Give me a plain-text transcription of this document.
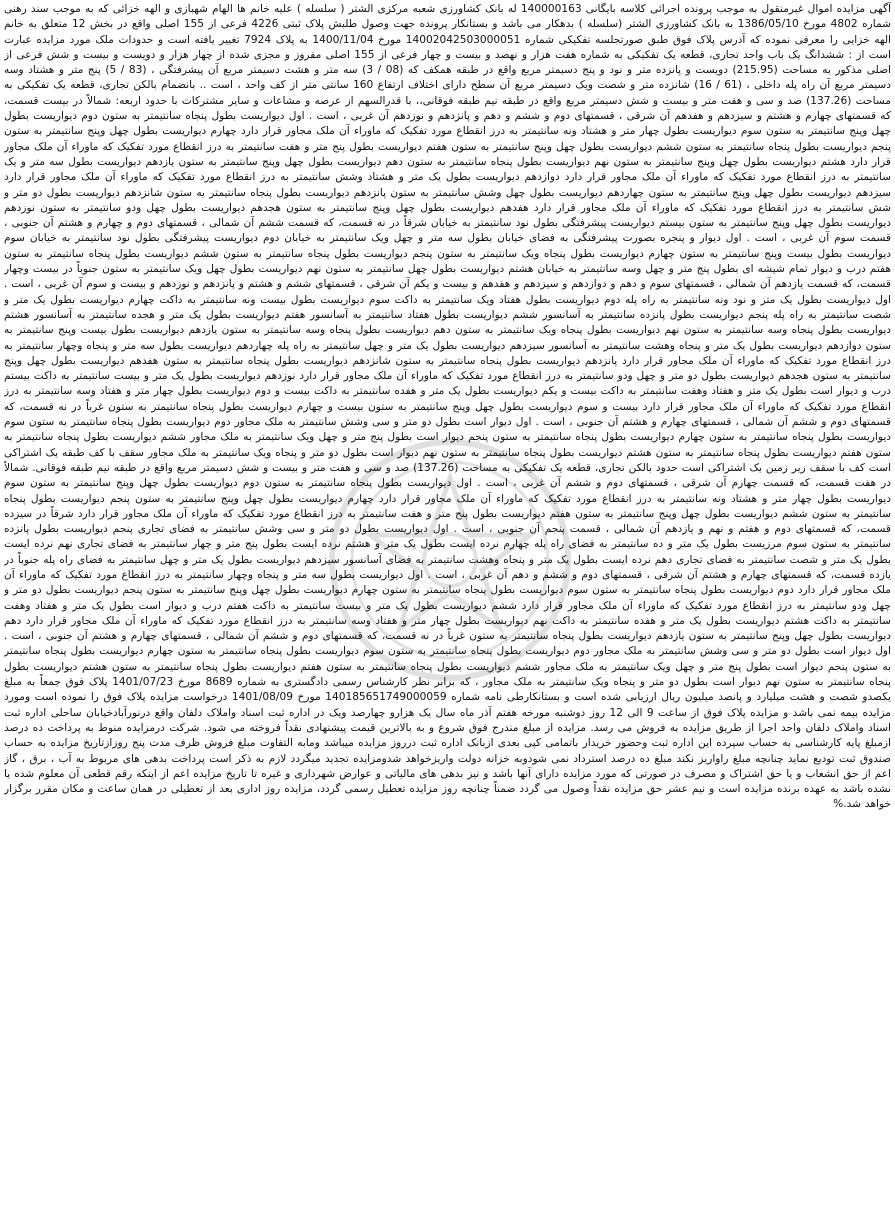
آگهی مزایده اموال غیرمنقول به موجب پرونده اجرائی کلاسه بایگانی 140000163 له بانک کشاورزی شعبه مرکزی الشتر ( سلسله ) علیه خانم ها الهام شهبازی و الهه خزائی که به موجب سند رهنی شماره 4802 مورخ 1386/05/10 به بانک کشاورزی الشتر (سلسله ) بدهکار می باشد و بستانکار پرونده جهت وصول طلبش پلاک ثبتی 4226 فرعی از 155 اصلی واقع در بخش 12 متعلق به خانم الهه خزایی را معرفی نموده که آدرس پلاک فوق طبق صورتجلسه تفکیکی شماره 14002042503000051 مورخ 1400/11/04 به پلاک 7924 تغییر یافته است و حدودات ملک مورد مزایده عبارت است از : ششدانگ یک باب واحد تجاری، قطعه یک تفکیکی به شماره هفت هزار و نهصد و بیست و چهار فرعی از 155 اصلی مفروز و مجزی شده از چهار هزار و دویست و بیست و شش فرعی از اصلی مذکور به مساحت (215.95) دویست و پانزده متر و نود و پنج دسیمتر مربع واقع در طبقه همکف که (08 / 3) سه متر و هشت دسیمتر مربع آن پیشرفتگی ، (83 / 5) پنج متر و هشتاد وسه دسیمتر مربع آن راه پله داخلی ، (61 / 16) شانزده متر و شصت ویک دسیمتر مربع آن سطح دارای اختلاف ارتفاع 160 سانتی متر از کف واحد ، است .. بانضمام بالکن تجاری، قطعه یک تفکیکی به مساحت (137.26) صد و سی و هفت متر و بیست و شش دسیمتر مربع واقع در طبقه نیم طبقه فوقانی،، با قدرالسهم از عرصه و مشاعات و سایر مشترکات با حدود اربعه: شمالاً در بیست قسمت، که قسمتهای چهارم و هشتم و سیزدهم و هفدهم آن شرقی ، قسمتهای دوم و ششم و دهم و پانزدهم و نوزدهم آن غربی ، است . اول دیواریست بطول پنجاه سانتیمتر به ستون دوم دیواریست بطول چهل وپنج سانتیمتر به ستون سوم دیواریست بطول چهار متر و هشتاد ونه سانتیمتر به درز انقطاع مورد تفکیک که ماوراء آن ملک مجاور قرار دارد چهارم دیواریست بطول چهل وپنج سانتیمتر به ستون پنجم دیواریست بطول پنجاه سانتیمتر به ستون ششم دیواریست بطول چهل وپنج سانتیمتر به ستون هفتم دیواریست بطول پنج متر و هفت سانتیمتر به درز انقطاع مورد تفکیک که ماوراء آن ملک مجاور قرار دارد هشتم دیواریست بطول چهل وپنج سانتیمتر به ستون نهم دیواریست بطول پنجاه سانتیمتر به ستون دهم دیواریست بطول چهل وپنج سانتیمتر به ستون یازدهم دیواریست بطول سه متر و یک سانتیمتر به درز انقطاع مورد تفکیک که ماوراء آن ملک مجاور قرار دارد دوازدهم دیواریست بطول یک متر و هشتاد وشش سانتیمتر به درز انقطاع مورد تفکیک که ماوراء آن ملک مجاور قرار دارد سیزدهم دیواریست بطول چهل وپنج سانتیمتر به ستون چهاردهم دیواریست بطول چهل وشش سانتیمتر به ستون پانزدهم دیواریست بطول پنجاه سانتیمتر به ستون شانزدهم دیواریست بطول دو متر و شش سانتیمتر به درز انقطاع مورد تفکیک که ماوراء آن ملک مجاور قرار دارد هفدهم دیواریست بطول چهل وپنج سانتیمتر به ستون هجدهم دیواریست بطول چهل ودو سانتیمتر به ستون نوزدهم دیواریست بطول چهل وپنج سانتیمتر به ستون بیستم دیواریست پیشرفتگی بطول نود سانتیمتر به خیابان شرقاً در نه قسمت، که قسمت ششم آن شمالی ، قسمتهای دوم و چهارم و هشتم آن جنوبی ، قسمت سوم آن غربی ، است . اول دیوار و پنجره بصورت پیشرفتگی به فضای خیابان بطول سه متر و چهل ویک سانتیمتر به خیابان دوم دیواریست پیشرفتگی بطول نود سانتیمتر به خیابان سوم دیواریست بطول بیست وپنج سانتیمتر به ستون چهارم دیواریست بطول پنجاه ویک سانتیمتر به ستون پنجم دیواریست بطول پنجاه سانتیمتر به ستون ششم دیواریست بطول پنجاه سانتیمتر به ستون هفتم درب و دیوار تمام شیشه ای بطول پنج متر و چهل وسه سانتیمتر به خیابان هشتم دیواریست بطول چهل سانتیمتر به ستون نهم دیواریست بطول چهل ویک سانتیمتر به ستون جنوباً در بیست وچهار قسمت، که قسمت یازدهم آن شمالی ، قسمتهای سوم و دهم و دوازدهم و سیزدهم و هفدهم و بیست و یکم آن شرقی ، قسمتهای ششم و هشتم و پانزدهم و نوزدهم و بیست و سوم آن غربی ، است . اول دیواریست بطول یک متر و نود ونه سانتیمتر به راه پله دوم دیواریست بطول هفتاد ویک سانتیمتر به داکت سوم دیواریست بطول بیست ونه سانتیمتر به داکت چهارم دیواریست بطول یک متر و شصت سانتیمتر به راه پله پنجم دیواریست بطول پانزده سانتیمتر به آسانسور ششم دیواریست بطول هفتاد سانتیمتر به آسانسور هفتم دیواریست بطول یک متر و هجده سانتیمتر به آسانسور هشتم دیواریست بطول پنجاه وسه سانتیمتر به ستون نهم دیواریست بطول پنجاه ویک سانتیمتر به ستون دهم دیواریست بطول پنجاه وسه سانتیمتر به ستون یازدهم دیواریست بطول بیست وپنج سانتیمتر به ستون دوازدهم دیواریست بطول یک متر و پنجاه وهشت سانتیمتر به آسانسور سیزدهم دیواریست بطول یک متر و چهل سانتیمتر به راه پله چهاردهم دیواریست بطول سه متر و پنجاه وچهار سانتیمتر به درز انقطاع مورد تفکیک که ماوراء آن ملک مجاور قرار دارد پانزدهم دیواریست بطول پنجاه سانتیمتر به ستون شانزدهم دیواریست بطول پنجاه سانتیمتر به ستون هفدهم دیواریست بطول چهل وپنج سانتیمتر به ستون هجدهم دیواریست بطول دو متر و چهل ودو سانتیمتر به درز انقطاع مورد تفکیک که ماوراء آن ملک مجاور قرار دارد نوزدهم دیواریست بطول یک متر و بیست سانتیمتر به داکت بیستم درب و دیوار است بطول یک متر و هفتاد وهفت سانتیمتر به داکت بیست و یکم دیواریست بطول یک متر و هفده سانتیمتر به داکت بیست و دوم دیواریست بطول چهار متر و هفتاد وسه سانتیمتر به درز انقطاع مورد تفکیک که ماوراء آن ملک مجاور قرار دارد بیست و سوم دیواریست بطول چهل وپنج سانتیمتر به ستون بیست و چهارم دیواریست بطول پنجاه سانتیمتر به ستون غرباً در نه قسمت، که قسمتهای دوم و ششم آن شمالی ، قسمتهای چهارم و هشتم آن جنوبی ، است . اول دیوار است بطول دو متر و سی وشش سانتیمتر به ملک مجاور دوم دیواریست بطول پنجاه سانتیمتر به ستون سوم دیواریست بطول پنجاه سانتیمتر به ستون چهارم دیواریست بطول پنجاه سانتیمتر به ستون پنجم دیوار است بطول پنج متر و چهل ویک سانتیمتر به ملک مجاور ششم دیواریست بطول پنجاه سانتیمتر به ستون هفتم دیواریست بطول پنجاه سانتیمتر به ستون هشتم دیواریست بطول پنجاه سانتیمتر به ستون نهم دیوار است بطول دو متر و پنجاه ویک سانتیمتر به ملک مجاور سقف با کف طبقه یک اشتراکی است کف با سقف زیر زمین یک اشتراکی است حدود بالکن تجاری، قطعه یک تفکیکی به مساحت (137.26) صد و سی و هفت متر و بیست و شش دسیمتر مربع واقع در طبقه نیم طبقه فوقانی. شمالاً در هفت قسمت، که قسمت چهارم آن شرقی ، قسمتهای دوم و ششم آن غربی ، است . اول دیواریست بطول پنجاه سانتیمتر به ستون دوم دیواریست بطول چهل وپنج سانتیمتر به ستون سوم دیواریست بطول چهار متر و هشتاد ونه سانتیمتر به درز انقطاع مورد تفکیک که ماوراء آن ملک مجاور قرار دارد چهارم دیواریست بطول چهل وپنج سانتیمتر به ستون پنجم دیواریست بطول پنجاه سانتیمتر به ستون ششم دیواریست بطول چهل وپنج سانتیمتر به ستون هفتم دیواریست بطول پنج متر و هفت سانتیمتر به درز انقطاع مورد تفکیک که ماوراء آن ملک مجاور قرار دارد شرقاً در سیزده قسمت، که قسمتهای دوم و هفتم و نهم و یازدهم آن شمالی ، قسمت پنجم آن جنوبی ، است . اول دیواریست بطول دو متر و سی وشش سانتیمتر به فضای تجاری پنجم دیواریست بطول پانزده سانتیمتر به ستون سوم مرزیست بطول یک متر و ده سانتیمتر به فضای راه پله چهارم نرده ایست بطول یک متر و هشتم نرده ایست بطول پنج متر و چهار سانتیمتر به فضای تجاری نهم نرده ایست بطول یک متر و شصت سانتیمتر به فضای تجاری دهم نرده ایست بطول یک متر و پنجاه وهشت سانتیمتر به فضای آسانسور سیزدهم دیواریست بطول یک متر و چهل سانتیمتر به فضای راه پله جنوباً در یازده قسمت، که قسمتهای چهارم و هشتم آن شرقی ، قسمتهای دوم و ششم و دهم آن غربی ، است . اول دیواریست بطول سه متر و پنجاه وچهار سانتیمتر به درز انقطاع مورد تفکیک که ماوراء آن ملک مجاور قرار دارد دوم دیواریست بطول پنجاه سانتیمتر به ستون سوم دیواریست بطول پنجاه سانتیمتر به ستون چهارم دیواریست بطول چهل وپنج سانتیمتر به ستون پنجم دیواریست بطول دو متر و چهل ودو سانتیمتر به درز انقطاع مورد تفکیک که ماوراء آن ملک مجاور قرار دارد ششم دیواریست بطول یک متر و بیست سانتیمتر به داکت هفتم درب و دیوار است بطول یک متر و هفتاد وهفت سانتیمتر به داکت هشتم دیواریست بطول یک متر و هفده سانتیمتر به داکت نهم دیواریست بطول چهار متر و هفتاد وسه سانتیمتر به درز انقطاع مورد تفکیک که ماوراء آن ملک مجاور قرار دارد دهم دیواریست بطول چهل وپنج سانتیمتر به ستون یازدهم دیواریست بطول پنجاه سانتیمتر به ستون غرباً در نه قسمت، که قسمتهای دوم و ششم آن شمالی ، قسمتهای چهارم و هشتم آن جنوبی ، است . اول دیوار است بطول دو متر و سی وشش سانتیمتر به ملک مجاور دوم دیواریست بطول پنجاه سانتیمتر به ستون سوم دیواریست بطول پنجاه سانتیمتر به ستون چهارم دیواریست بطول پنجاه سانتیمتر به ستون پنجم دیوار است بطول پنج متر و چهل ویک سانتیمتر به ملک مجاور ششم دیواریست بطول پنجاه سانتیمتر به ستون هفتم دیواریست بطول پنجاه سانتیمتر به ستون هشتم دیواریست بطول پنجاه سانتیمتر به ستون نهم دیوار است بطول دو متر و پنجاه ویک سانتیمتر به ملک مجاور ، که برابر نظر کارشناس رسمی دادگستری به شماره 8689 مورخ 1401/07/23 پلاک فوق جمعاً به مبلغ یکصدو شصت و هشت میلیارد و پانصد میلیون ریال ارزیابی شده است و بستانکارطی نامه شماره 140185651749000059 مورخ 1401/08/09 درخواست مزایده پلاک فوق را نموده است ومورد مزایده بیمه نمی باشد و مزایده پلاک فوق از ساعت 9 الی 12 روز دوشنبه مورخه هفتم آذر ماه سال یک هزارو چهارصد ویک در اداره ثبت اسناد واملاک دلفان واقع درنورآبادخیابان ساحلی اداره ثبت اسناد واملاک دلفان واحد اجرا از طریق مزایده به فروش می رسد. مزایده از مبلغ مندرج فوق شروع و به بالاترین قیمت پیشنهادی نقداً فروخته می شود. شرکت درمزایده منوط به پرداخت ده درصد ازمبلغ پایه کارشناسی به حساب سپرده این اداره ثبت وحضور خریدار باتمامی کپی بعدی ازبانک اداره ثبت درروز مزایده میباشد ومابه التفاوت مبلغ فروش ظرف مدت پنج روزازتاریخ مزایده به حساب صندوق ثبت تودیع نماید چنانچه مبلغ راواریز نکند مبلغ ده درصد استرداد نمی شودوبه خزانه دولت واریزخواهد شدومزایده تجدید میگردد لازم به ذکر است پرداخت بدهی های مربوط به آب ، برق ، گاز اعم از حق انشعاب و یا حق اشتراک و مصرف در صورتی که مورد مزایده دارای آنها باشد و نیز بدهی های مالیاتی و عوارض شهرداری و غیره تا تاریخ مزایده اعم از اینکه رقم قطعی آن معلوم شده یا نشده باشد به عهده برنده مزایده است و نیم عشر حق مزایده نقداً وصول می گردد ضمناً چنانچه روز مزایده تعطیل رسمی گردد، مزایده روز اداری بعد از تعطیلی در همان ساعت و مکان مقرر برگزار خواهد شد.%
